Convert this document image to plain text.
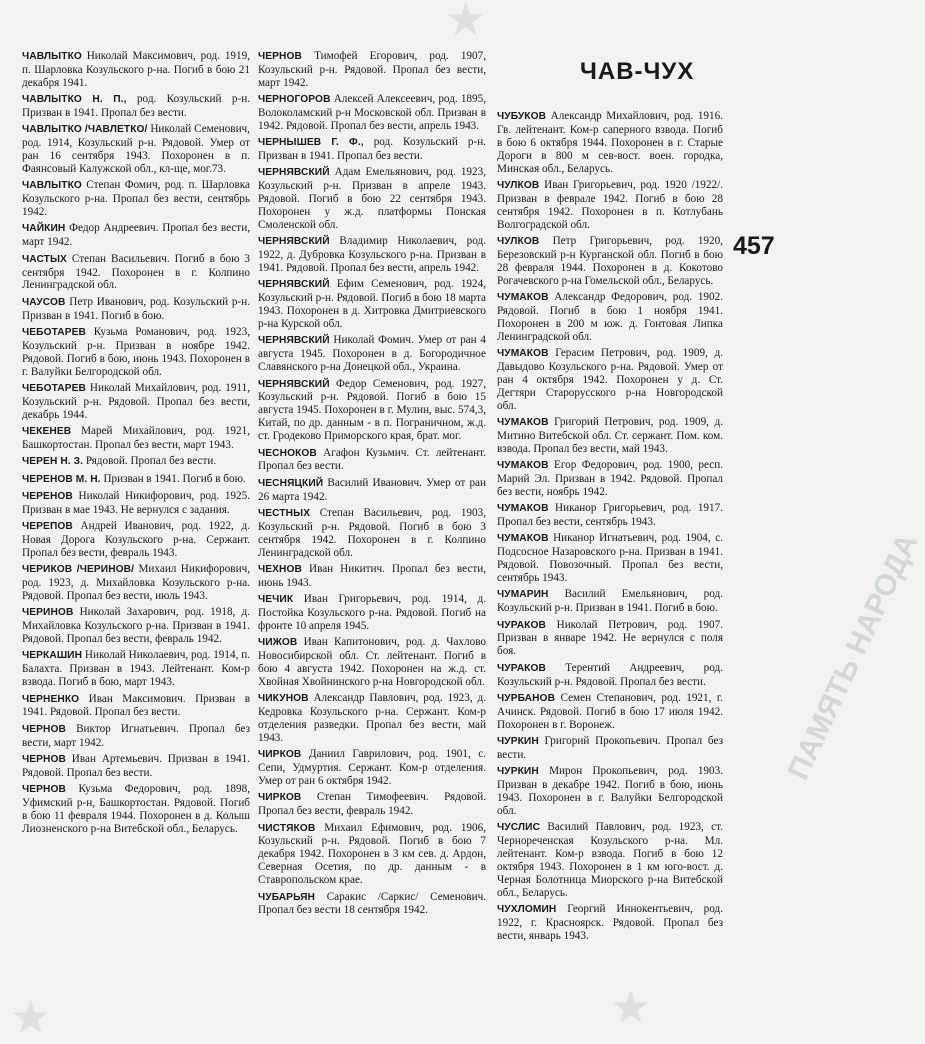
ЧАВ-ЧУХ
457
ПАМЯТЬ НАРОДА
★
★
★

ЧАВЛЫТКО Николай Максимович, род. 1919, п. Шарловка Козульского р-на. Погиб в бою 21 декабря 1941.

ЧАВЛЫТКО Н. П., род. Козульский р-н. Призван в 1941. Пропал без вести.

ЧАВЛЫТКО /ЧАВЛЕТКО/ Николай Семенович, род. 1914, Козульский р-н. Рядовой. Умер от ран 16 сентября 1943. Похоронен в п. Фаянсовый Калужской обл., кл-ще, мог.73.

ЧАВЛЫТКО Степан Фомич, род. п. Шарловка Козульского р-на. Пропал без вести, сентябрь 1942.

ЧАЙКИН Федор Андреевич. Пропал без вести, март 1942.

ЧАСТЫХ Степан Васильевич. Погиб в бою 3 сентября 1942. Похоронен в г. Колпино Ленинградской обл.

ЧАУСОВ Петр Иванович, род. Козульский р-н. Призван в 1941. Погиб в бою.

ЧЕБОТАРЕВ Кузьма Романович, род. 1923, Козульский р-н. Призван в ноябре 1942. Рядовой. Погиб в бою, июнь 1943. Похоронен в г. Валуйки Белгородской обл.

ЧЕБОТАРЕВ Николай Михайлович, род. 1911, Козульский р-н. Рядовой. Пропал без вести, декабрь 1944.

ЧЕКЕНЕВ Марей Михайлович, род. 1921, Башкортостан. Пропал без вести, март 1943.

ЧЕРЕН Н. З. Рядовой. Пропал без вести.

ЧЕРЕНОВ М. Н. Призван в 1941. Погиб в бою.

ЧЕРЕНОВ Николай Никифорович, род. 1925. Призван в мае 1943. Не вернулся с задания.

ЧЕРЕПОВ Андрей Иванович, род. 1922, д. Новая Дорога Козульского р-на. Сержант. Пропал без вести, февраль 1943.

ЧЕРИКОВ /ЧЕРИНОВ/ Михаил Никифорович, род. 1923, д. Михайловка Козульского р-на. Рядовой. Пропал без вести, июль 1943.

ЧЕРИНОВ Николай Захарович, род. 1918, д. Михайловка Козульского р-на. Призван в 1941. Рядовой. Пропал без вести, февраль 1942.

ЧЕРКАШИН Николай Николаевич, род. 1914, п. Балахта. Призван в 1943. Лейтенант. Ком-р взвода. Погиб в бою, март 1943.

ЧЕРНЕНКО Иван Максимович. Призван в 1941. Рядовой. Пропал без вести.

ЧЕРНОВ Виктор Игнатьевич. Пропал без вести, март 1942.

ЧЕРНОВ Иван Артемьевич. Призван в 1941. Рядовой. Пропал без вести.

ЧЕРНОВ Кузьма Федорович, род. 1898, Уфимский р-н, Башкортостан. Рядовой. Погиб в бою 11 февраля 1944. Похоронен в д. Колыш Лиозненского р-на Витебской обл., Беларусь.

ЧЕРНОВ Тимофей Егорович, род. 1907, Козульский р-н. Рядовой. Пропал без вести, март 1942.

ЧЕРНОГОРОВ Алексей Алексеевич, род. 1895, Волоколамский р-н Московской обл. Призван в 1942. Рядовой. Пропал без вести, апрель 1943.

ЧЕРНЫШЕВ Г. Ф., род. Козульский р-н. Призван в 1941. Пропал без вести.

ЧЕРНЯВСКИЙ Адам Емельянович, род. 1923, Козульский р-н. Призван в апреле 1943. Рядовой. Погиб в бою 22 сентября 1943. Похоронен у ж.д. платформы Понская Смоленской обл.

ЧЕРНЯВСКИЙ Владимир Николаевич, род. 1922, д. Дубровка Козульского р-на. Призван в 1941. Рядовой. Пропал без вести, апрель 1942.

ЧЕРНЯВСКИЙ Ефим Семенович, род. 1924, Козульский р-н. Рядовой. Погиб в бою 18 марта 1943. Похоронен в д. Хитровка Дмитриевского р-на Курской обл.

ЧЕРНЯВСКИЙ Николай Фомич. Умер от ран 4 августа 1945. Похоронен в д. Богородичное Славянского р-на Донецкой обл., Украина.

ЧЕРНЯВСКИЙ Федор Семенович, род. 1927, Козульский р-н. Рядовой. Погиб в бою 15 августа 1945. Похоронен в г. Мулин, выс. 574,3, Китай, по др. данным - в п. Пограничном, ж.д. ст. Гродеково Приморского края, брат. мог.

ЧЕСНОКОВ Агафон Кузьмич. Ст. лейтенант. Пропал без вести.

ЧЕСНЯЦКИЙ Василий Иванович. Умер от ран 26 марта 1942.

ЧЕСТНЫХ Степан Васильевич, род. 1903, Козульский р-н. Рядовой. Погиб в бою 3 сентября 1942. Похоронен в г. Колпино Ленинградской обл.

ЧЕХНОВ Иван Никитич. Пропал без вести, июнь 1943.

ЧЕЧИК Иван Григорьевич, род. 1914, д. Постойка Козульского р-на. Рядовой. Погиб на фронте 10 апреля 1945.

ЧИЖОВ Иван Капитонович, род. д. Чахлово Новосибирской обл. Ст. лейтенант. Погиб в бою 4 августа 1942. Похоронен на ж.д. ст. Хвойная Хвойнинского р-на Новгородской обл.

ЧИКУНОВ Александр Павлович, род. 1923, д. Кедровка Козульского р-на. Сержант. Ком-р отделения разведки. Пропал без вести, май 1943.

ЧИРКОВ Даниил Гаврилович, род. 1901, с. Сепи, Удмуртия. Сержант. Ком-р отделения. Умер от ран 6 октября 1942.

ЧИРКОВ Степан Тимофеевич. Рядовой. Пропал без вести, февраль 1942.

ЧИСТЯКОВ Михаил Ефимович, род. 1906, Козульский р-н. Рядовой. Погиб в бою 7 декабря 1942. Похоронен в 3 км сев. д. Ардон, Северная Осетия, по др. данным - в Ставропольском крае.

ЧУБАРЬЯН Саракис /Саркис/ Семенович. Пропал без вести 18 сентября 1942.

ЧУБУКОВ Александр Михайлович, род. 1916. Гв. лейтенант. Ком-р саперного взвода. Погиб в бою 6 октября 1944. Похоронен в г. Старые Дороги в 800 м сев-вост. воен. городка, Минская обл., Беларусь.

ЧУЛКОВ Иван Григорьевич, род. 1920 /1922/. Призван в феврале 1942. Погиб в бою 28 сентября 1942. Похоронен в п. Котлубань Волгоградской обл.

ЧУЛКОВ Петр Григорьевич, род. 1920, Березовский р-н Курганской обл. Погиб в бою 28 февраля 1944. Похоронен в д. Кокотово Рогачевского р-на Гомельской обл., Беларусь.

ЧУМАКОВ Александр Федорович, род. 1902. Рядовой. Погиб в бою 1 ноября 1941. Похоронен в 200 м юж. д. Гонтовая Липка Ленинградской обл.

ЧУМАКОВ Герасим Петрович, род. 1909, д. Давыдово Козульского р-на. Рядовой. Умер от ран 4 октября 1942. Похоронен у д. Ст. Дегтяри Старорусского р-на Новгородской обл.

ЧУМАКОВ Григорий Петрович, род. 1909, д. Митино Витебской обл. Ст. сержант. Пом. ком. взвода. Пропал без вести, май 1943.

ЧУМАКОВ Егор Федорович, род. 1900, респ. Марий Эл. Призван в 1942. Рядовой. Пропал без вести, ноябрь 1942.

ЧУМАКОВ Никанор Григорьевич, род. 1917. Пропал без вести, сентябрь 1943.

ЧУМАКОВ Никанор Игнатьевич, род. 1904, с. Подсосное Назаровского р-на. Призван в 1941. Рядовой. Повозочный. Пропал без вести, сентябрь 1943.

ЧУМАРИН Василий Емельянович, род. Козульский р-н. Призван в 1941. Погиб в бою.

ЧУРАКОВ Николай Петрович, род. 1907. Призван в январе 1942. Не вернулся с поля боя.

ЧУРАКОВ Терентий Андреевич, род. Козульский р-н. Рядовой. Пропал без вести.

ЧУРБАНОВ Семен Степанович, род. 1921, г. Ачинск. Рядовой. Погиб в бою 17 июля 1942. Похоронен в г. Воронеж.

ЧУРКИН Григорий Прокопьевич. Пропал без вести.

ЧУРКИН Мирон Прокопьевич, род. 1903. Призван в декабре 1942. Погиб в бою, июнь 1943. Похоронен в г. Валуйки Белгородской обл.

ЧУСЛИС Василий Павлович, род. 1923, ст. Чернореченская Козульского р-на. Мл. лейтенант. Ком-р взвода. Погиб в бою 12 октября 1943. Похоронен в 1 км юго-вост. д. Черная Болотница Миорского р-на Витебской обл., Беларусь.

ЧУХЛОМИН Георгий Иннокентьевич, род. 1922, г. Красноярск. Рядовой. Пропал без вести, январь 1943.
